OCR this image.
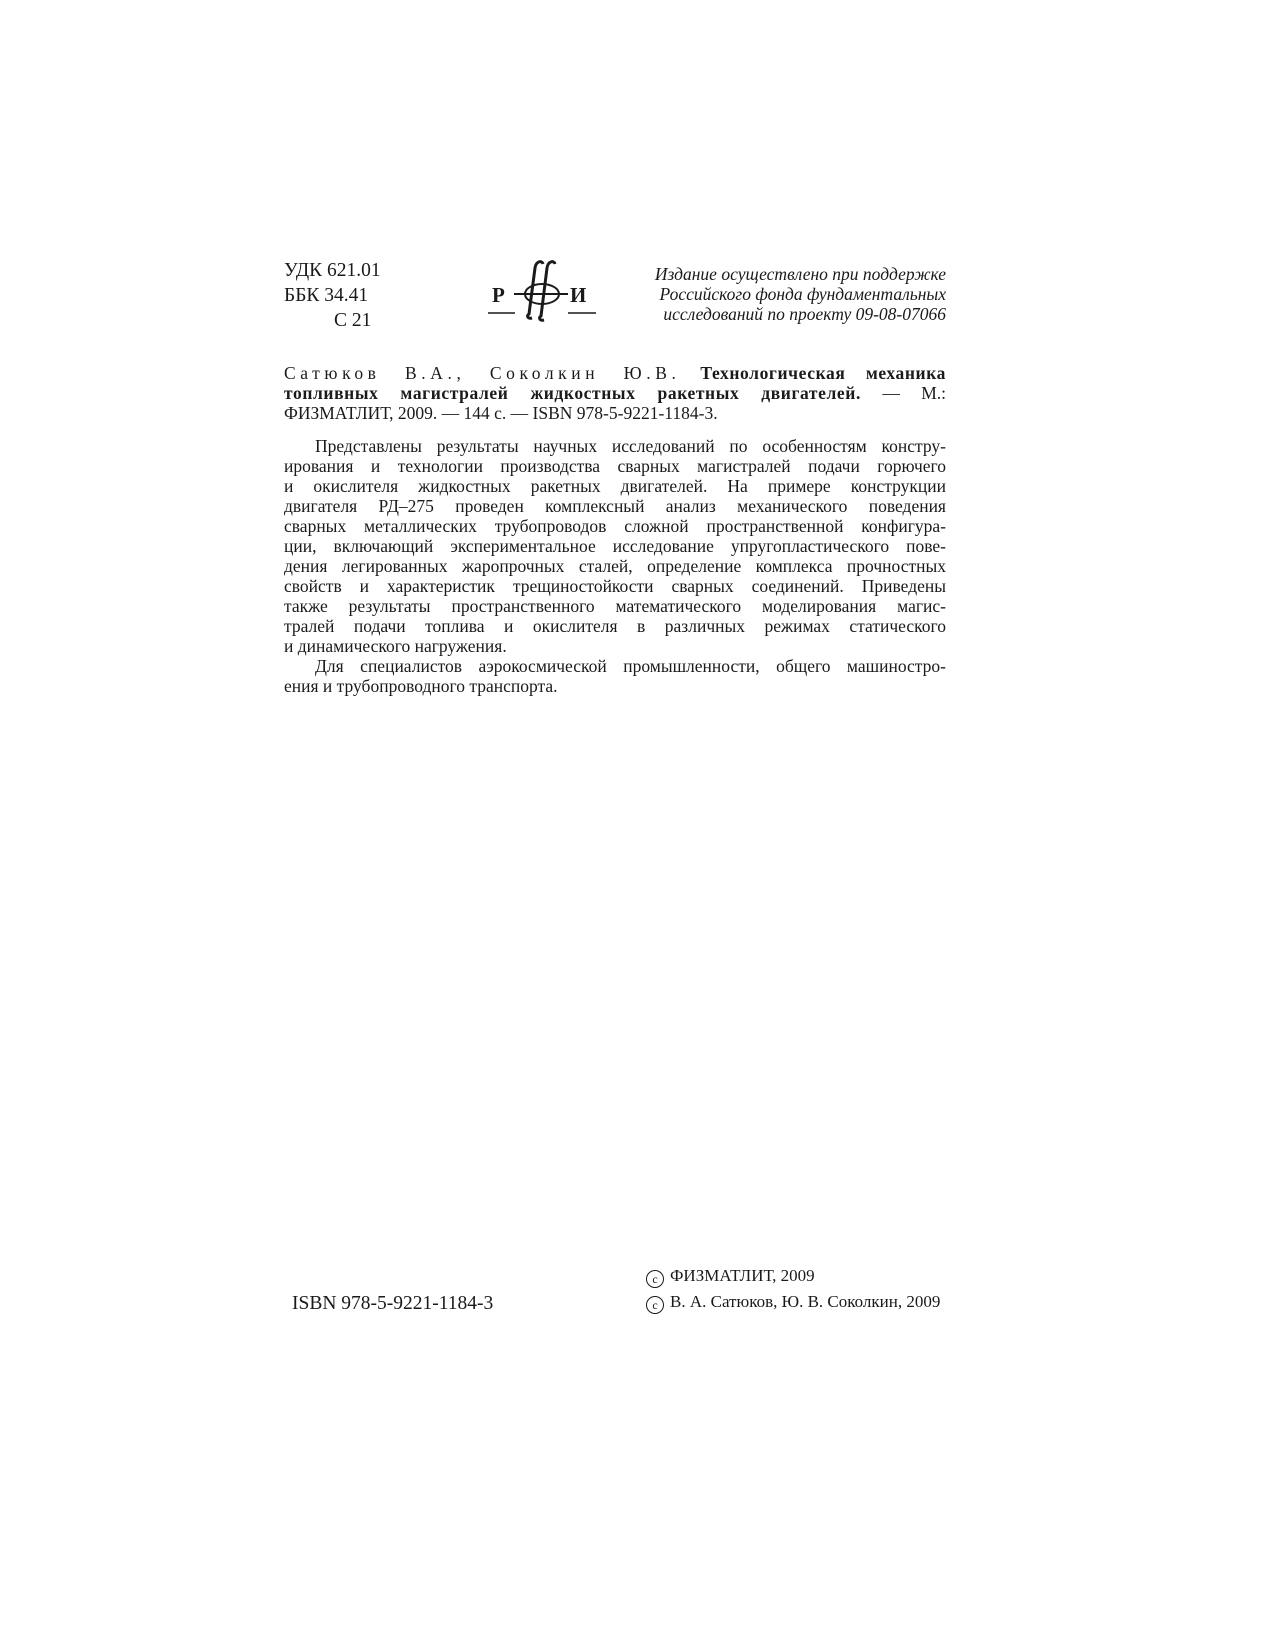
УДК 621.01
ББК 34.41
С 21
Р	И
Издание осуществлено при поддержке
Российского фонда фундаментальных
исследований по проекту 09-08-07066
Сатюков В.А., Соколкин Ю.В. Технологическая механика топливных магистралей жидкостных ракетных двигателей. — М.: ФИЗМАТЛИТ, 2009. — 144 с. — ISBN 978-5-9221-1184-3.
Представлены результаты научных исследований по особенностям констру-
ирования и технологии производства сварных магистралей подачи горючего
и окислителя жидкостных ракетных двигателей. На примере конструкции
двигателя РД–275 проведен комплексный анализ механического поведения
сварных металлических трубопроводов сложной пространственной конфигура-
ции, включающий экспериментальное исследование упругопластического пове-
дения легированных жаропрочных сталей, определение комплекса прочностных
свойств и характеристик трещиностойкости сварных соединений. Приведены
также результаты пространственного математического моделирования магис-
тралей подачи топлива и окислителя в различных режимах статического
и динамического нагружения.
Для специалистов аэрокосмической промышленности, общего машиностро-
ения и трубопроводного транспорта.
ISBN 978-5-9221-1184-3
c ФИЗМАТЛИТ, 2009
c В. А. Сатюков, Ю. В. Соколкин, 2009
